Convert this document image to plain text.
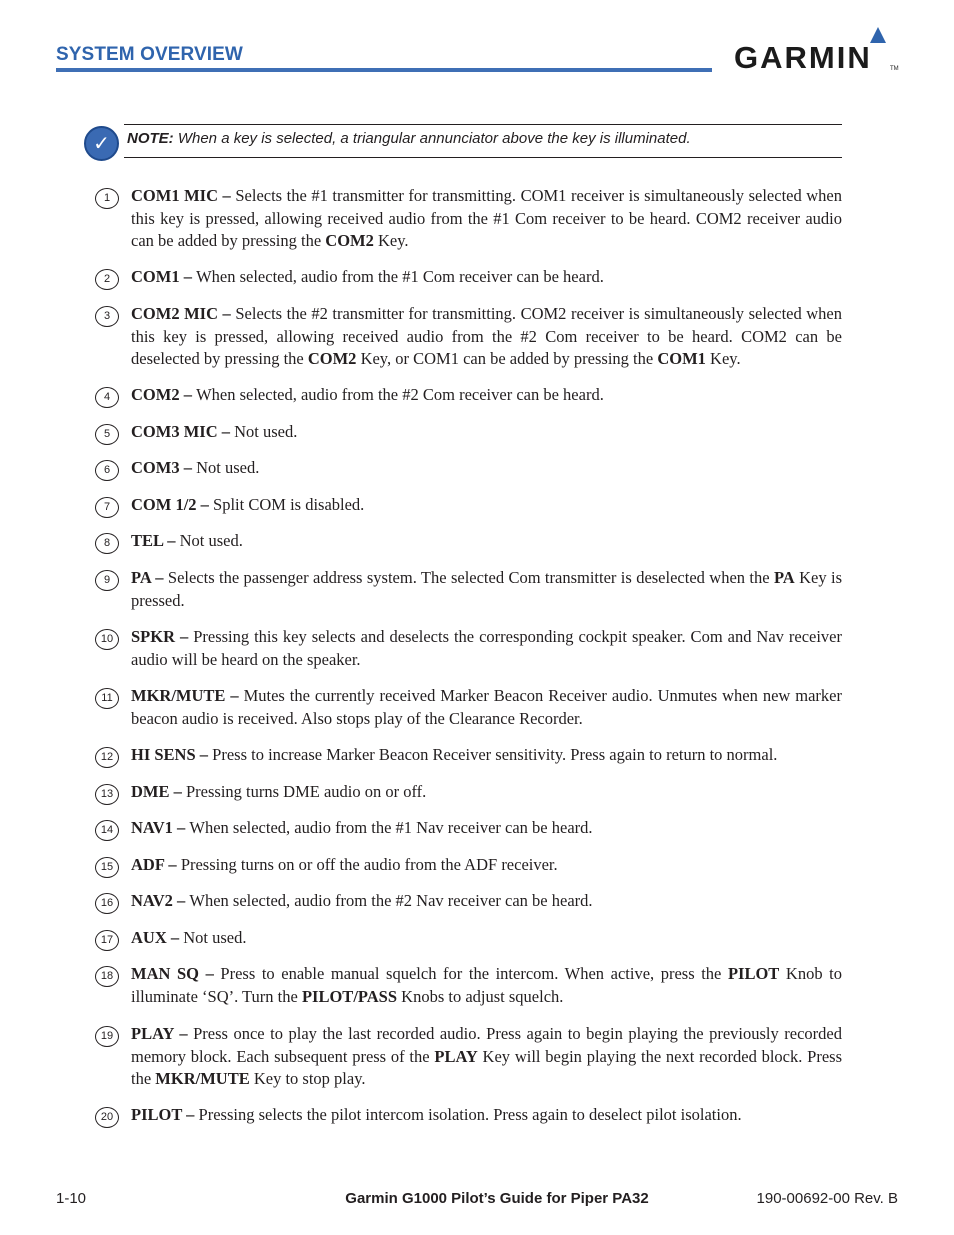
SYSTEM OVERVIEW	GARMIN	TM
✓	NOTE: When a key is selected, a triangular annunciator above the key is illuminated.
1	COM1 MIC – Selects the #1 transmitter for transmitting. COM1 receiver is simultaneously selected when this key is pressed, allowing received audio from the #1 Com receiver to be heard. COM2 receiver audio can be added by pressing the COM2 Key.
2	COM1 – When selected, audio from the #1 Com receiver can be heard.
3	COM2 MIC – Selects the #2 transmitter for transmitting. COM2 receiver is simultaneously selected when this key is pressed, allowing received audio from the #2 Com receiver to be heard. COM2 can be deselected by pressing the COM2 Key, or COM1 can be added by pressing the COM1 Key.
4	COM2 – When selected, audio from the #2 Com receiver can be heard.
5	COM3 MIC – Not used.
6	COM3 – Not used.
7	COM 1/2 – Split COM is disabled.
8	TEL – Not used.
9	PA – Selects the passenger address system. The selected Com transmitter is deselected when the PA Key is pressed.
10	SPKR – Pressing this key selects and deselects the corresponding cockpit speaker. Com and Nav receiver audio will be heard on the speaker.
11	MKR/MUTE – Mutes the currently received Marker Beacon Receiver audio. Unmutes when new marker beacon audio is received. Also stops play of the Clearance Recorder.
12	HI SENS – Press to increase Marker Beacon Receiver sensitivity. Press again to return to normal.
13	DME – Pressing turns DME audio on or off.
14	NAV1 – When selected, audio from the #1 Nav receiver can be heard.
15	ADF – Pressing turns on or off the audio from the ADF receiver.
16	NAV2 – When selected, audio from the #2 Nav receiver can be heard.
17	AUX – Not used.
18	MAN SQ – Press to enable manual squelch for the intercom. When active, press the PILOT Knob to illuminate ‘SQ’. Turn the PILOT/PASS Knobs to adjust squelch.
19	PLAY – Press once to play the last recorded audio. Press again to begin playing the previously recorded memory block. Each subsequent press of the PLAY Key will begin playing the next recorded block. Press the MKR/MUTE Key to stop play.
20	PILOT – Pressing selects the pilot intercom isolation. Press again to deselect pilot isolation.
1-10	Garmin G1000 Pilot’s Guide for Piper PA32	190-00692-00 Rev. B
